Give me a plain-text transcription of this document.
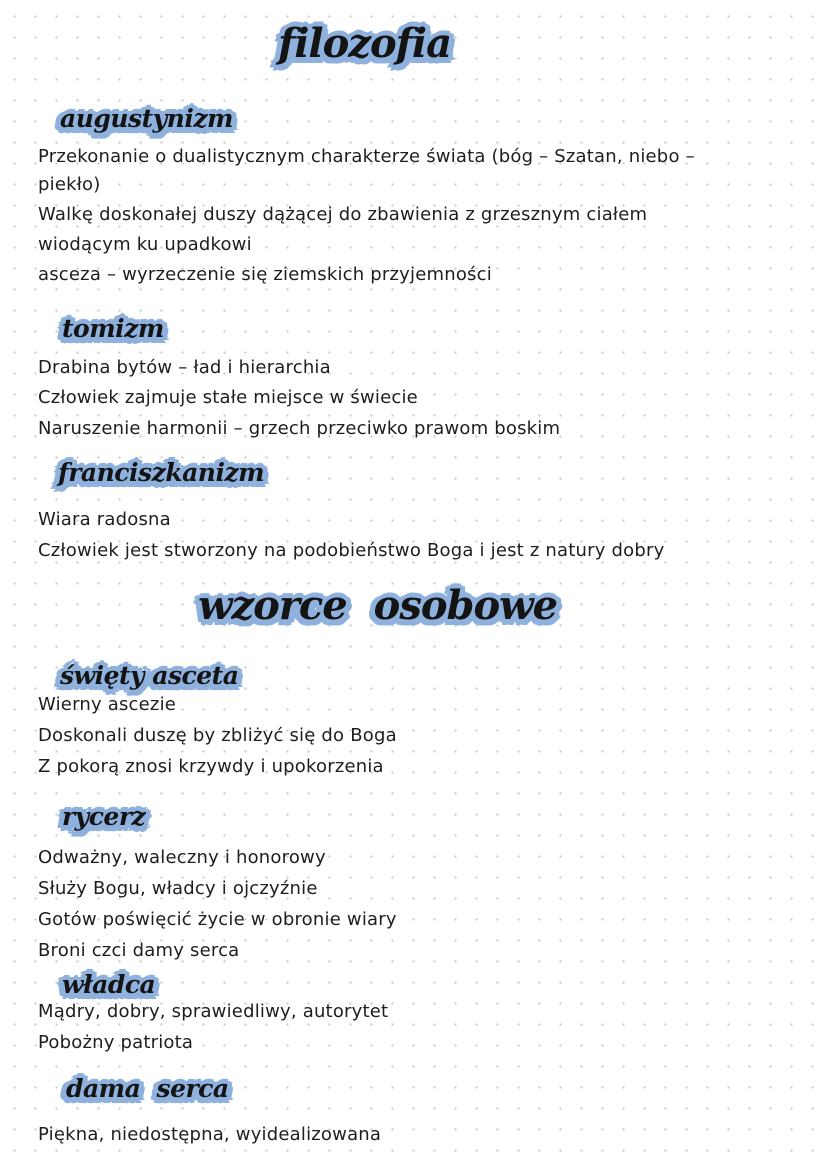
filozofia
augustynizm
Przekonanie o dualistycznym charakterze świata (bóg – Szatan, niebo –
piekło)
Walkę doskonałej duszy dążącej do zbawienia z grzesznym ciałem
wiodącym ku upadkowi
asceza – wyrzeczenie się ziemskich przyjemności
tomizm
Drabina bytów – ład i hierarchia
Człowiek zajmuje stałe miejsce w świecie
Naruszenie harmonii – grzech przeciwko prawom boskim
franciszkanizm
Wiara radosna
Człowiek jest stworzony na podobieństwo Boga i jest z natury dobry
wzorce osobowe
święty asceta
Wierny ascezie
Doskonali duszę by zbliżyć się do Boga
Z pokorą znosi krzywdy i upokorzenia
rycerz
Odważny, waleczny i honorowy
Służy Bogu, władcy i ojczyźnie
Gotów poświęcić życie w obronie wiary
Broni czci damy serca
władca
Mądry, dobry, sprawiedliwy, autorytet
Pobożny patriota
dama serca
Piękna, niedostępna, wyidealizowana
